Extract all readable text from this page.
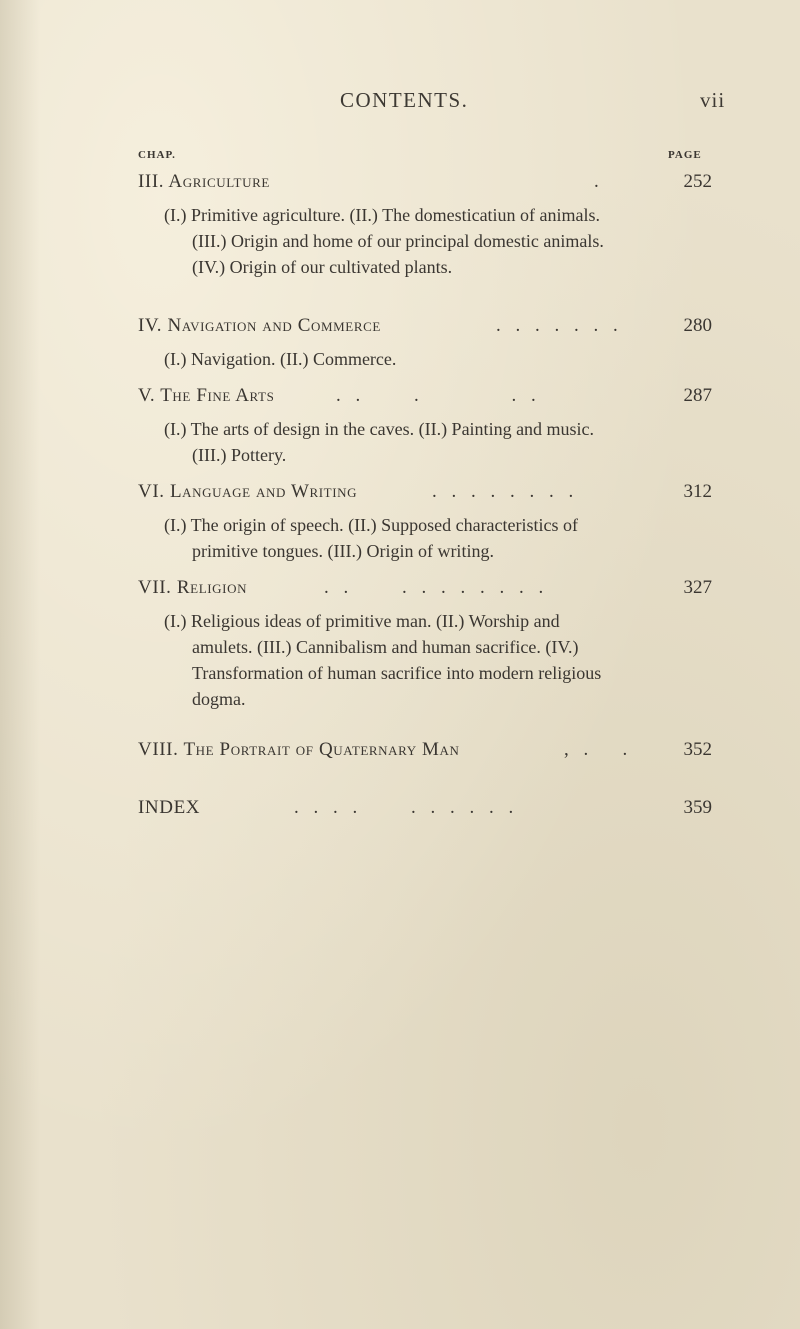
CONTENTS.	vii
CHAP.	PAGE
III. Agriculture	.	252
(I.) Primitive agriculture. (II.) The domesticatiun of animals.
(III.) Origin and home of our principal domestic animals.
(IV.) Origin of our cultivated plants.
IV. Navigation and Commerce	. . . . . . .	280
(I.) Navigation. (II.) Commerce.
V. The Fine Arts	. .     .         . .	287
(I.) The arts of design in the caves. (II.) Painting and music.
(III.) Pottery.
VI. Language and Writing	. . . . . . . .	312
(I.) The origin of speech. (II.) Supposed characteristics of
primitive tongues. (III.) Origin of writing.
VII. Religion	. .     . . . . . . . .	327
(I.) Religious ideas of primitive man. (II.) Worship and
amulets. (III.) Cannibalism and human sacrifice. (IV.)
Transformation of human sacrifice into modern religious
dogma.
VIII. The Portrait of Quaternary Man	, .   .	352
INDEX	. . . .     . . . . . .	359
